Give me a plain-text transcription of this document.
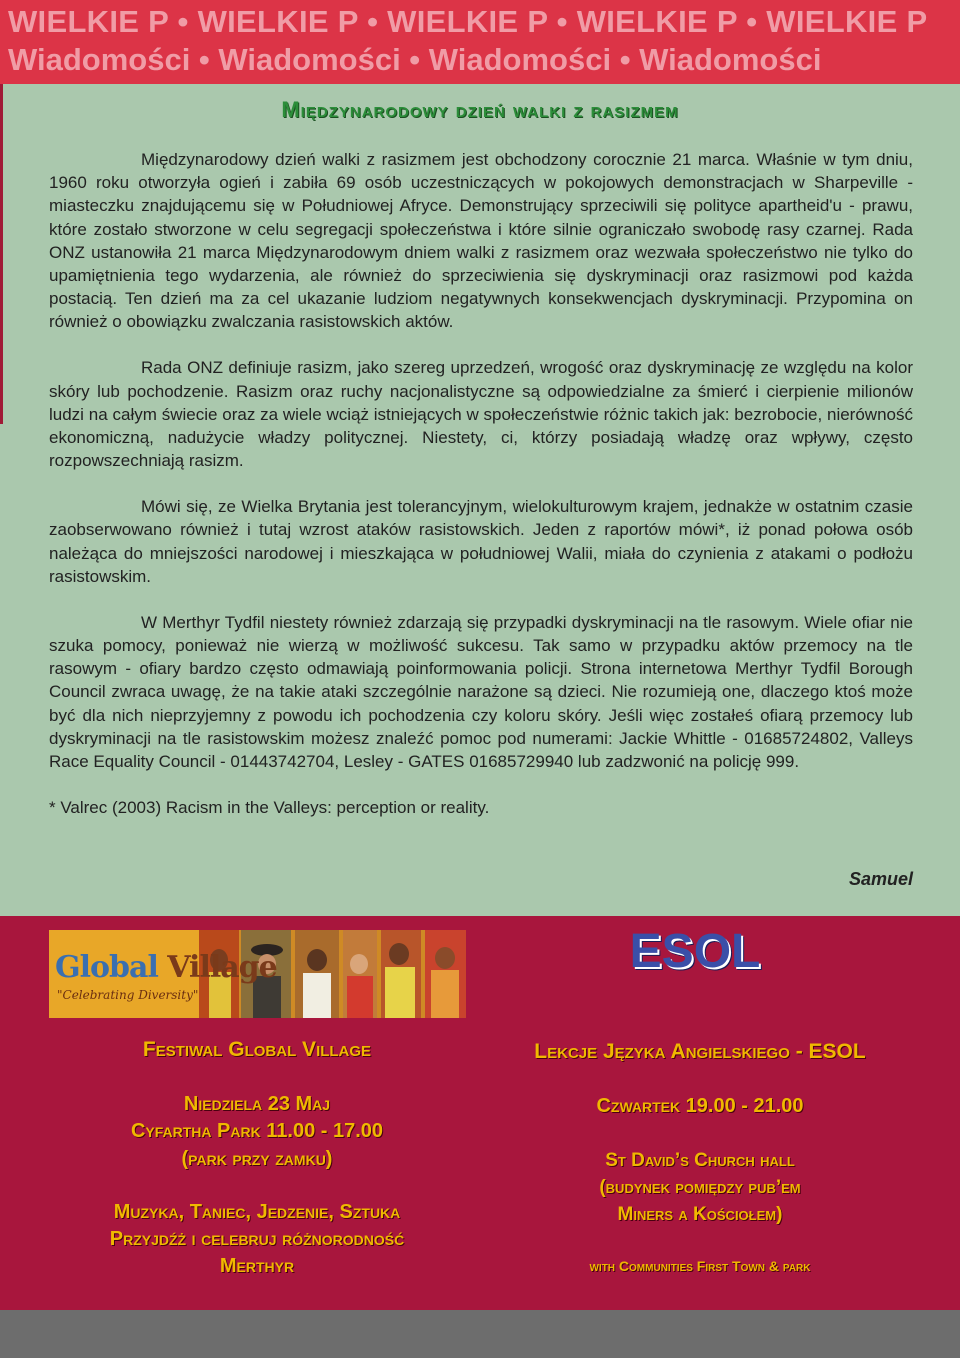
WIELKIE P • WIELKIE P • WIELKIE P • WIELKIE P • WIELKIE P
Wiadomości • Wiadomości • Wiadomości • Wiadomości
Międzynarodowy dzień walki z rasizmem

Międzynarodowy dzień walki z rasizmem jest obchodzony corocznie 21 marca. Właśnie w tym dniu, 1960 roku otworzyła ogień i zabiła 69 osób uczestniczących w pokojowych demonstracjach w Sharpeville - miasteczku znajdującemu się w Południowej Afryce. Demonstrujący sprzeciwili się polityce apartheid'u - prawu, które zostało stworzone w celu segregacji społeczeństwa i które silnie ograniczało swobodę rasy czarnej. Rada ONZ ustanowiła 21 marca Międzynarodowym dniem walki z rasizmem oraz wezwała społeczeństwo nie tylko do upamiętnienia tego wydarzenia, ale również do sprzeciwienia się dyskryminacji oraz rasizmowi pod każda postacią. Ten dzień ma za cel ukazanie ludziom negatywnych konsekwencjach dyskryminacji. Przypomina on również o obowiązku zwalczania rasistowskich aktów.

Rada ONZ definiuje rasizm, jako szereg uprzedzeń, wrogość oraz dyskryminację ze względu na kolor skóry lub pochodzenie. Rasizm oraz ruchy nacjonalistyczne są odpowiedzialne za śmierć i cierpienie milionów ludzi na całym świecie oraz za wiele wciąż istniejących w społeczeństwie różnic takich jak: bezrobocie, nierówność ekonomiczną, nadużycie władzy politycznej. Niestety, ci, którzy posiadają władzę oraz wpływy, często rozpowszechniają rasizm.

Mówi się, ze Wielka Brytania jest tolerancyjnym, wielokulturowym krajem, jednakże w ostatnim czasie zaobserwowano również i tutaj wzrost ataków rasistowskich. Jeden z raportów mówi*, iż ponad połowa osób należąca do mniejszości narodowej i mieszkająca w południowej Walii, miała do czynienia z atakami o podłożu rasistowskim.

W Merthyr Tydfil niestety również zdarzają się przypadki dyskryminacji na tle rasowym. Wiele ofiar nie szuka pomocy, ponieważ nie wierzą w możliwość sukcesu. Tak samo w przypadku aktów przemocy na tle rasowym - ofiary bardzo często odmawiają poinformowania policji. Strona internetowa Merthyr Tydfil Borough Council zwraca uwagę, że na takie ataki szczególnie narażone są dzieci. Nie rozumieją one, dlaczego ktoś może być dla nich nieprzyjemny z powodu ich pochodzenia czy koloru skóry. Jeśli więc zostałeś ofiarą przemocy lub dyskryminacji na tle rasistowskim możesz znaleźć pomoc pod numerami: Jackie Whittle - 01685724802, Valleys Race Equality Council - 01443742704, Lesley - GATES 01685729940 lub zadzwonić na policję 999.

* Valrec (2003) Racism in the Valleys: perception or reality.

Samuel
Global Village
"Celebrating Diversity"
ESOL
Festiwal Global Village
Niedziela 23 Maj
Cyfartha Park 11.00 - 17.00
(park przy zamku)
Muzyka, Taniec, Jedzenie, Sztuka
Przyjdźż i celebruj różnorodność
Merthyr
Lekcje Języka Angielskiego - ESOL
Czwartek 19.00 - 21.00
St David’s Church hall
(budynek pomiędzy pub’em
Miners a Kościołem)
with Communities First Town & park
